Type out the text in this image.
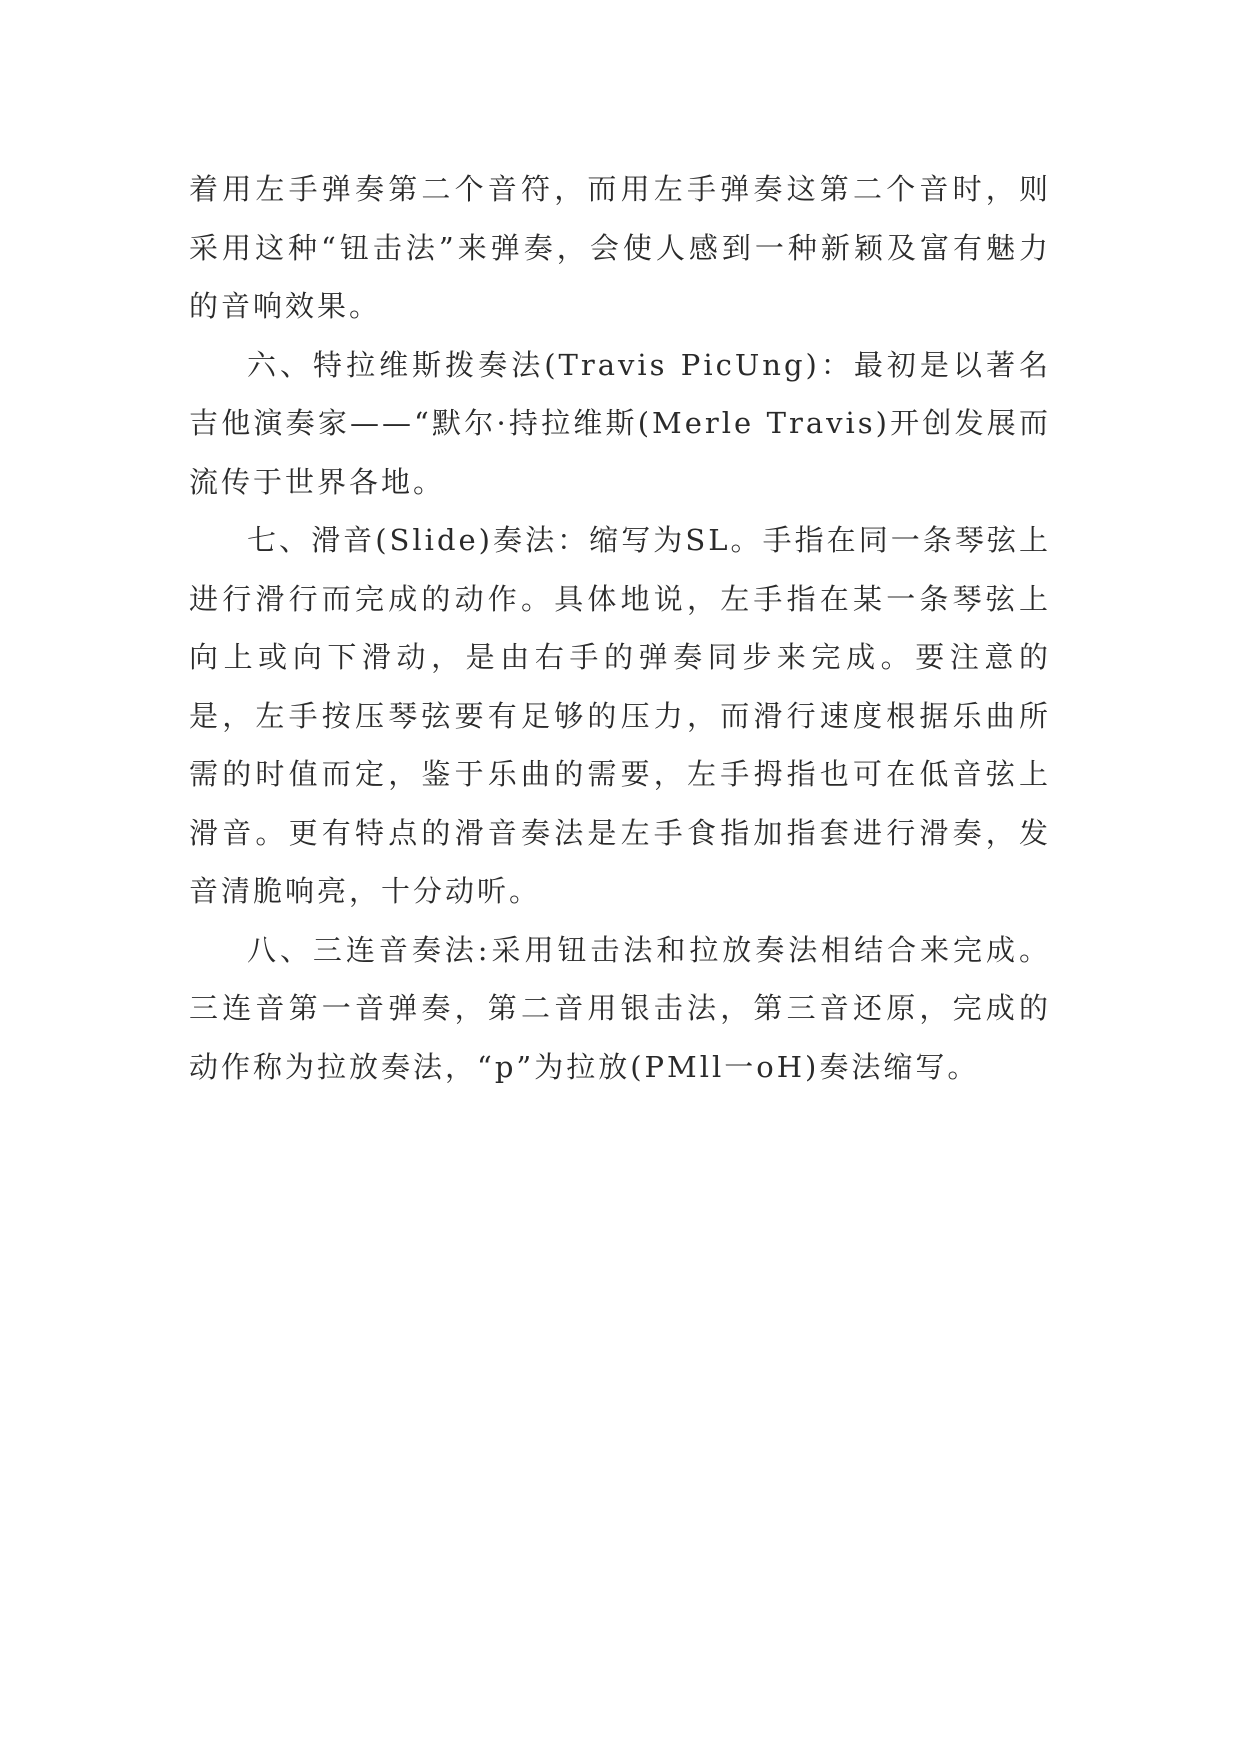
着用左手弹奏第二个音符，而用左手弹奏这第二个音时，则采用这种“钮击法”来弹奏，会使人感到一种新颖及富有魅力的音响效果。

六、特拉维斯拨奏法(Travis PicUng)：最初是以著名吉他演奏家——“默尔·持拉维斯(Merle Travis)开创发展而流传于世界各地。

七、滑音(Slide)奏法：缩写为SL。手指在同一条琴弦上进行滑行而完成的动作。具体地说，左手指在某一条琴弦上向上或向下滑动，是由右手的弹奏同步来完成。要注意的是，左手按压琴弦要有足够的压力，而滑行速度根据乐曲所需的时值而定，鉴于乐曲的需要，左手拇指也可在低音弦上滑音。更有特点的滑音奏法是左手食指加指套进行滑奏，发音清脆响亮，十分动听。

八、三连音奏法:采用钮击法和拉放奏法相结合来完成。三连音第一音弹奏，第二音用银击法，第三音还原，完成的动作称为拉放奏法，“p”为拉放(PMll一oH)奏法缩写。
